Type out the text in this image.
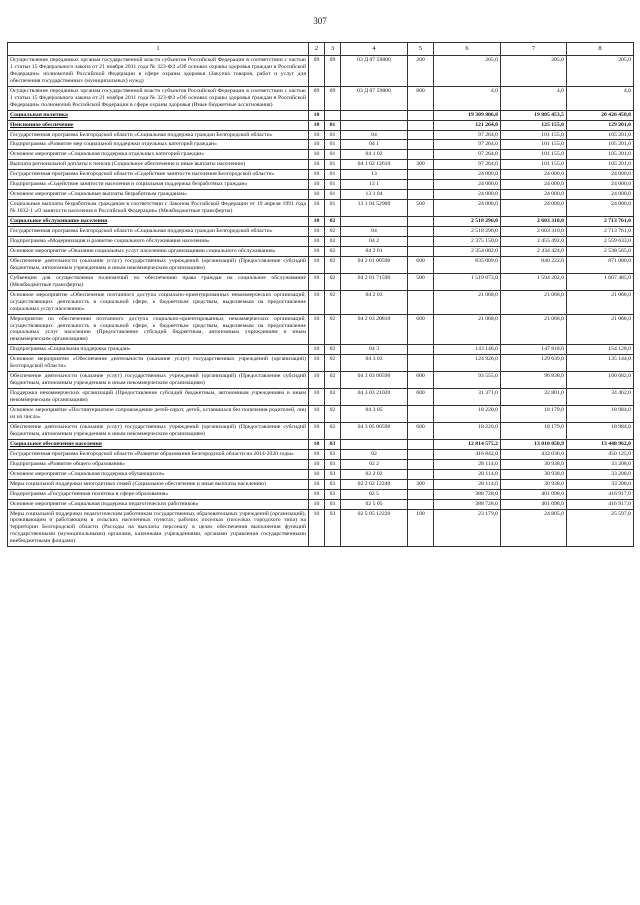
307
1	2	3	4	5	6	7	8
Осуществление переданных органам государственной власти субъектов Российской Федерации в соответствии с частью 1 статьи 15 Федерального закона от 21 ноября 2011 года № 323-ФЗ «Об основах охраны здоровья граждан в Российской Федерации» полномочий Российской Федерации в сфере охраны здоровья (Закупка товаров, работ и услуг для обеспечения государственных (муниципальных) нужд)	09	09	03 Д 07 59800	200	205,0	205,0	205,0
Осуществление переданных органам государственной власти субъектов Российской Федерации в соответствии с частью 1 статьи 15 Федерального закона от 21 ноября 2011 года № 323-ФЗ «Об основах охраны здоровья граждан в Российской Федерации» полномочий Российской Федерации в сфере охраны здоровья (Иные бюджетные ассигнования)	09	09	03 Д 07 59800	800	4,0	4,0	4,0
Социальная политика	10				19 309 806,8	19 805 453,5	20 426 458,8
Пенсионное обеспечение	10	01			121 264,0	125 155,0	129 201,0
Государственная программа Белгородской области «Социальная поддержка граждан Белгородской области»	10	01	04		97 264,0	101 155,0	105 201,0
Подпрограмма «Развитие мер социальной поддержки отдельных категорий граждан»	10	01	04 1		97 264,0	101 155,0	105 201,0
Основное мероприятие «Социальная поддержка отдельных категорий граждан»	10	01	04 1 02		97 264,0	101 155,0	105 201,0
Выплата региональной доплаты к пенсии (Социальное обеспечение и иные выплаты населению)	10	01	04 1 02 12610	300	97 264,0	101 155,0	105 201,0
Государственная программа Белгородской области «Содействие занятости населения Белгородской области»	10	01	13		24 000,0	24 000,0	24 000,0
Подпрограмма «Содействие занятости населения и социальная поддержка безработных граждан»	10	01	13 1		24 000,0	24 000,0	24 000,0
Основное мероприятие «Социальные выплаты безработным гражданам»	10	01	13 1 04		24 000,0	24 000,0	24 000,0
Социальные выплаты безработным гражданам в соответствии с Законом Российской Федерации от 19 апреля 1991 года № 1032-1 «О занятости населения в Российской Федерации» (Межбюджетные трансферты)	10	01	13 1 04 52900	500	24 000,0	24 000,0	24 000,0
Социальное обслуживание населения	10	02			2 518 296,0	2 603 310,0	2 713 761,0
Государственная программа Белгородской области «Социальная поддержка граждан Белгородской области»	10	02	04		2 518 296,0	2 603 310,0	2 713 761,0
Подпрограмма «Модернизация и развитие социального обслуживания населения»	10	02	04 2		2 375 150,0	2 455 492,0	2 559 633,0
Основное мероприятие «Оказание социальных услуг населению организациями социального обслуживания»	10	02	04 2 01		2 354 082,0	2 434 424,0	2 538 565,0
Обеспечение деятельности (оказание услуг) государственных учреждений (организаций) (Предоставление субсидий бюджетным, автономным учреждениям и иным некоммерческим организациям)	10	02	04 2 01 00590	600	835 009,0	840 222,0	871 080,0
Субвенции для осуществления полномочий по обеспечению права граждан на социальное обслуживание (Межбюджетные трансферты)	10	02	04 2 01 71590	500	1 519 073,0	1 594 202,0	1 667 485,0
Основное мероприятие «Обеспечение поэтапного доступа социально-ориентированных некоммерческих организаций, осуществляющих деятельность в социальной сфере, к бюджетным средствам, выделяемым на предоставление социальных услуг населению»	10	02	04 2 03		21 068,0	21 068,0	21 068,0
Мероприятие по обеспечению поэтапного доступа социально-ориентированных некоммерческих организаций, осуществляющих деятельность в социальной сфере, к бюджетным средствам, выделяемым на предоставление социальных услуг населению (Предоставление субсидий бюджетным, автономным учреждениям и иным некоммерческим организациям)	10	02	04 2 03 20810	600	21 068,0	21 068,0	21 068,0
Подпрограмма «Социальная поддержка граждан»	10	02	04 3		143 146,0	147 818,0	154 128,0
Основное мероприятие «Обеспечение деятельности (оказание услуг) государственных учреждений (организаций) Белгородской области»	10	02	04 3 03		124 926,0	129 639,0	135 144,0
Обеспечение деятельности (оказание услуг) государственных учреждений (организаций) (Предоставление субсидий бюджетным, автономным учреждениям и иным некоммерческим организациям)	10	02	04 3 03 00590	600	93 555,0	96 838,0	100 682,0
Поддержка некоммерческих организаций (Предоставление субсидий бюджетным, автономным учреждениям и иным некоммерческим организациям)	10	02	04 3 03 21020	600	31 371,0	32 801,0	34 462,0
Основное мероприятие «Постинтернатное сопровождение детей-сирот, детей, оставшихся без попечения родителей, лиц из их числа»	10	02	04 3 05		18 220,0	18 179,0	18 984,0
Обеспечение деятельности (оказание услуг) государственных учреждений (организаций) (Предоставление субсидий бюджетным, автономным учреждениям и иным некоммерческим организациям)	10	02	04 3 05 00590	600	18 220,0	18 179,0	18 984,0
Социальное обеспечение населения	10	03			12 814 575,2	13 010 050,9	13 448 962,0
Государственная программа Белгородской области «Развитие образования Белгородской области на 2014-2020 годы»	10	03	02		416 842,0	432 036,0	450 125,0
Подпрограмма «Развитие общего образования»	10	03	02 2		28 114,0	30 938,0	33 208,0
Основное мероприятие «Социальная поддержка обучающихся»	10	03	02 2 02		28 114,0	30 938,0	33 208,0
Меры социальной поддержки многодетных семей (Социальное обеспечение и иные выплаты населению)	10	03	02 2 02 12240	300	28 114,0	30 938,0	33 208,0
Подпрограмма «Государственная политика в сфере образования»	10	03	02 5		388 728,0	401 098,0	416 917,0
Основное мероприятие «Социальная поддержка педагогических работников»	10	03	02 5 05		388 728,0	401 098,0	416 917,0
Меры социальной поддержки педагогическим работникам государственных образовательных учреждений (организаций), проживающим и работающим в сельских населенных пунктах, рабочих поселках (поселках городского типа) на территории Белгородской области (Расходы на выплаты персоналу в целях обеспечения выполнения функций государственными (муниципальными) органами, казенными учреждениями, органами управления государственными внебюджетными фондами)	10	03	02 5 05 12220	100	23 179,0	24 805,0	25 597,0
